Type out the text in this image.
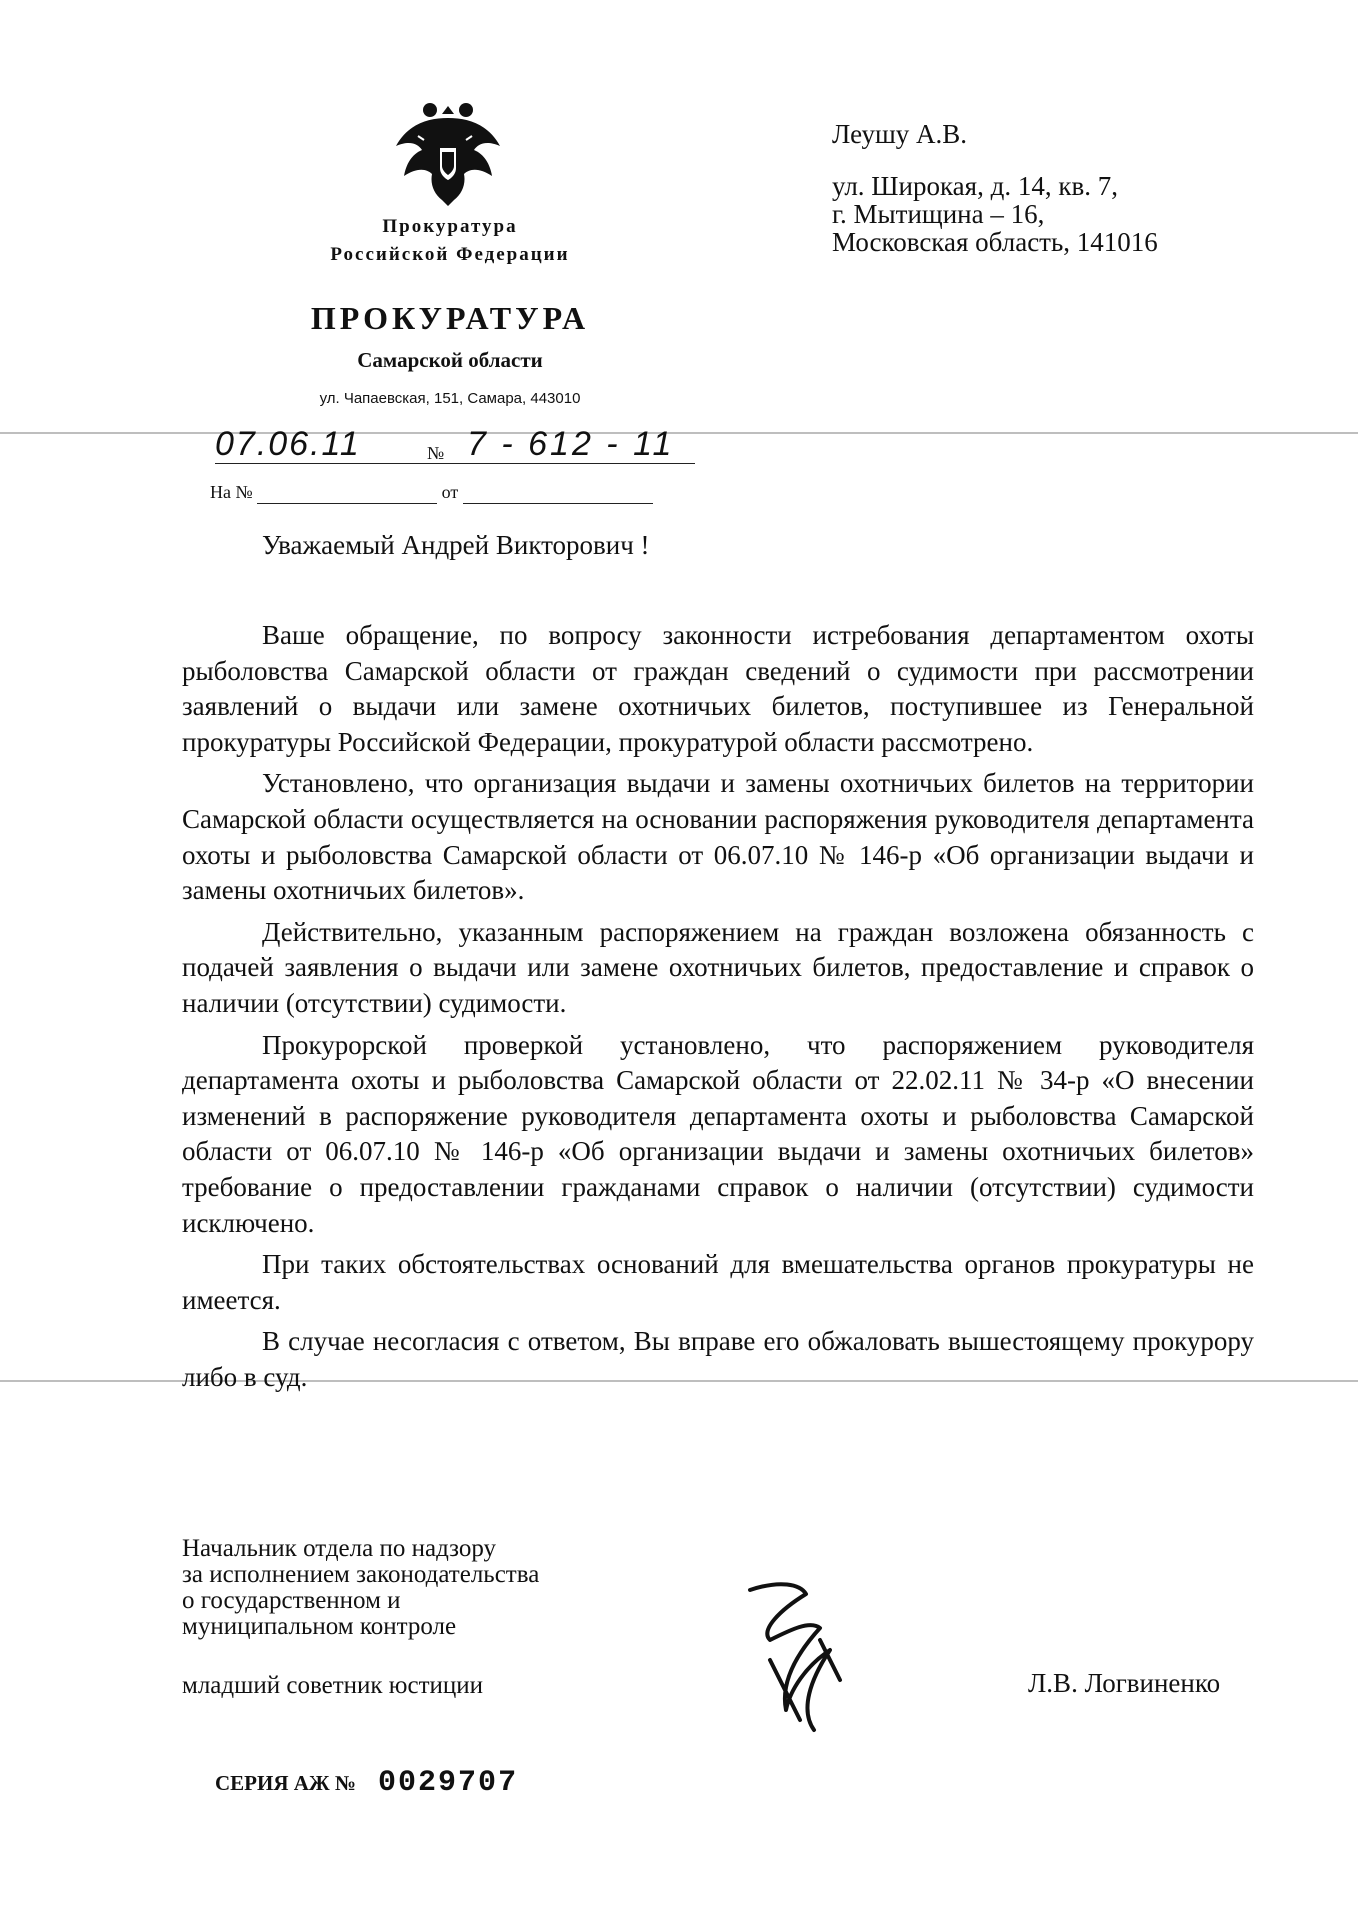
Прокуратура
Российской Федерации
ПРОКУРАТУРА
Самарской области
ул. Чапаевская, 151, Самара, 443010
07.06.11	№ 7 - 612 - 11
На №	от
Леушу А.В.
ул. Широкая, д. 14, кв. 7,
г. Мытищина – 16,
Московская область, 141016
Уважаемый Андрей Викторович !

Ваше обращение, по вопросу законности истребования департаментом охоты рыболовства Самарской области от граждан сведений о судимости при рассмотрении заявлений о выдачи или замене охотничьих билетов, поступившее из Генеральной прокуратуры Российской Федерации, прокуратурой области рассмотрено.

Установлено, что организация выдачи и замены охотничьих билетов на территории Самарской области осуществляется на основании распоряжения руководителя департамента охоты и рыболовства Самарской области от 06.07.10 № 146-р «Об организации выдачи и замены охотничьих билетов».

Действительно, указанным распоряжением на граждан возложена обязанность с подачей заявления о выдачи или замене охотничьих билетов, предоставление и справок о наличии (отсутствии) судимости.

Прокурорской проверкой установлено, что распоряжением руководителя департамента охоты и рыболовства Самарской области от 22.02.11 № 34-р «О внесении изменений в распоряжение руководителя департамента охоты и рыболовства Самарской области от 06.07.10 № 146-р «Об организации выдачи и замены охотничьих билетов» требование о предоставлении гражданами справок о наличии (отсутствии) судимости исключено.

При таких обстоятельствах оснований для вмешательства органов прокуратуры не имеется.

В случае несогласия с ответом, Вы вправе его обжаловать вышестоящему прокурору либо в суд.

Начальник отдела по надзору
за исполнением законодательства
о государственном и
муниципальном контроле
младший советник юстиции	Л.В. Логвиненко
СЕРИЯ АЖ № 0029707
